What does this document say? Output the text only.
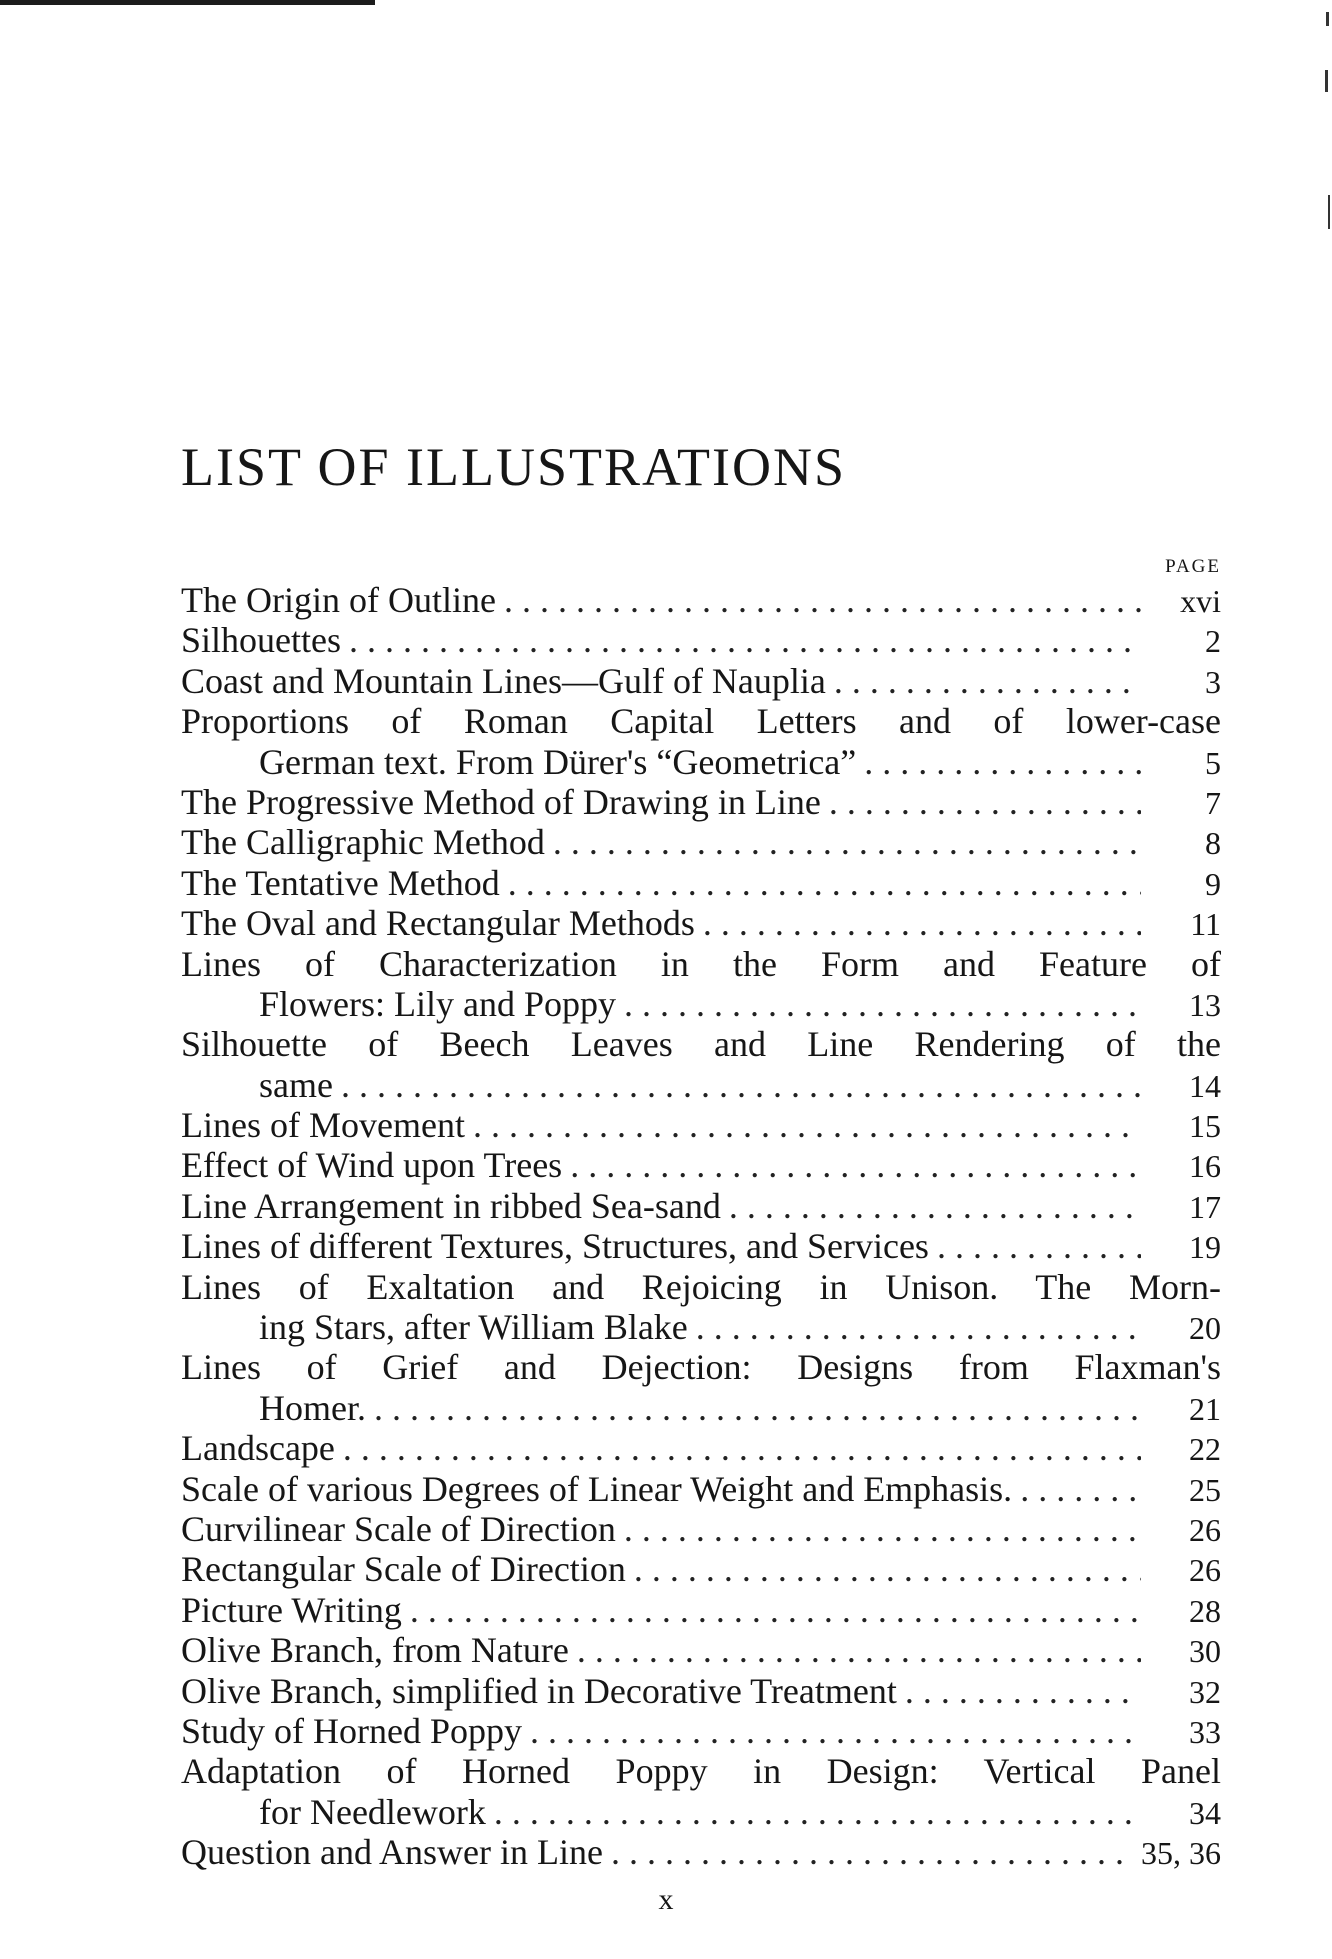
LIST OF ILLUSTRATIONS
PAGE
The Origin of Outline . . .	xvi
Silhouettes . . .	2
Coast and Mountain Lines—Gulf of Nauplia . . .	3
Proportions of Roman Capital Letters and of lower-case
German text. From Dürer's “Geometrica” . . .	5
The Progressive Method of Drawing in Line . . .	7
The Calligraphic Method . . .	8
The Tentative Method . . .	9
The Oval and Rectangular Methods . . .	11
Lines of Characterization in the Form and Feature of
Flowers: Lily and Poppy . . .	13
Silhouette of Beech Leaves and Line Rendering of the
same . . .	14
Lines of Movement . . .	15
Effect of Wind upon Trees . . .	16
Line Arrangement in ribbed Sea-sand . . .	17
Lines of different Textures, Structures, and Services . . .	19
Lines of Exaltation and Rejoicing in Unison. The Morn-
ing Stars, after William Blake . . .	20
Lines of Grief and Dejection: Designs from Flaxman's
Homer. . . .	21
Landscape . . .	22
Scale of various Degrees of Linear Weight and Emphasis. . . .	25
Curvilinear Scale of Direction . . .	26
Rectangular Scale of Direction . . .	26
Picture Writing . . .	28
Olive Branch, from Nature . . .	30
Olive Branch, simplified in Decorative Treatment . . .	32
Study of Horned Poppy . . .	33
Adaptation of Horned Poppy in Design: Vertical Panel
for Needlework . . .	34
Question and Answer in Line . . .	35, 36
x
